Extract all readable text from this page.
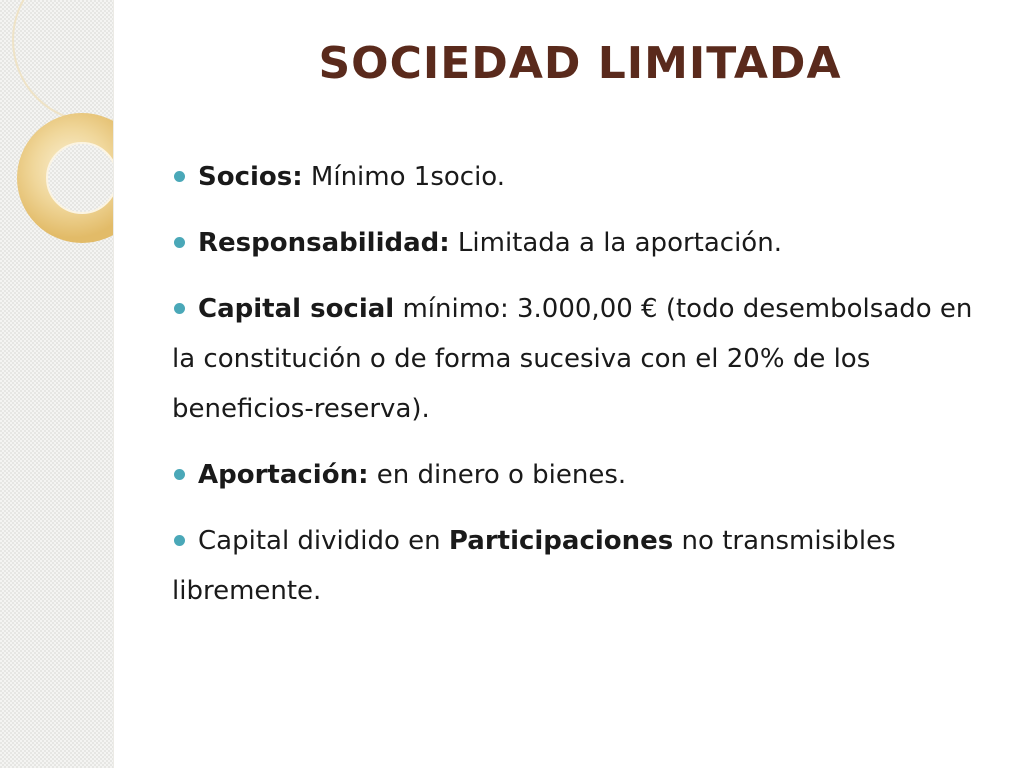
SOCIEDAD LIMITADA
Socios: Mínimo 1socio.
Responsabilidad: Limitada a la aportación.
Capital social mínimo: 3.000,00 € (todo desembolsado en la constitución o de forma sucesiva con el 20% de los beneficios-reserva).
Aportación: en dinero o bienes.
Capital dividido en Participaciones no transmisibles libremente.
